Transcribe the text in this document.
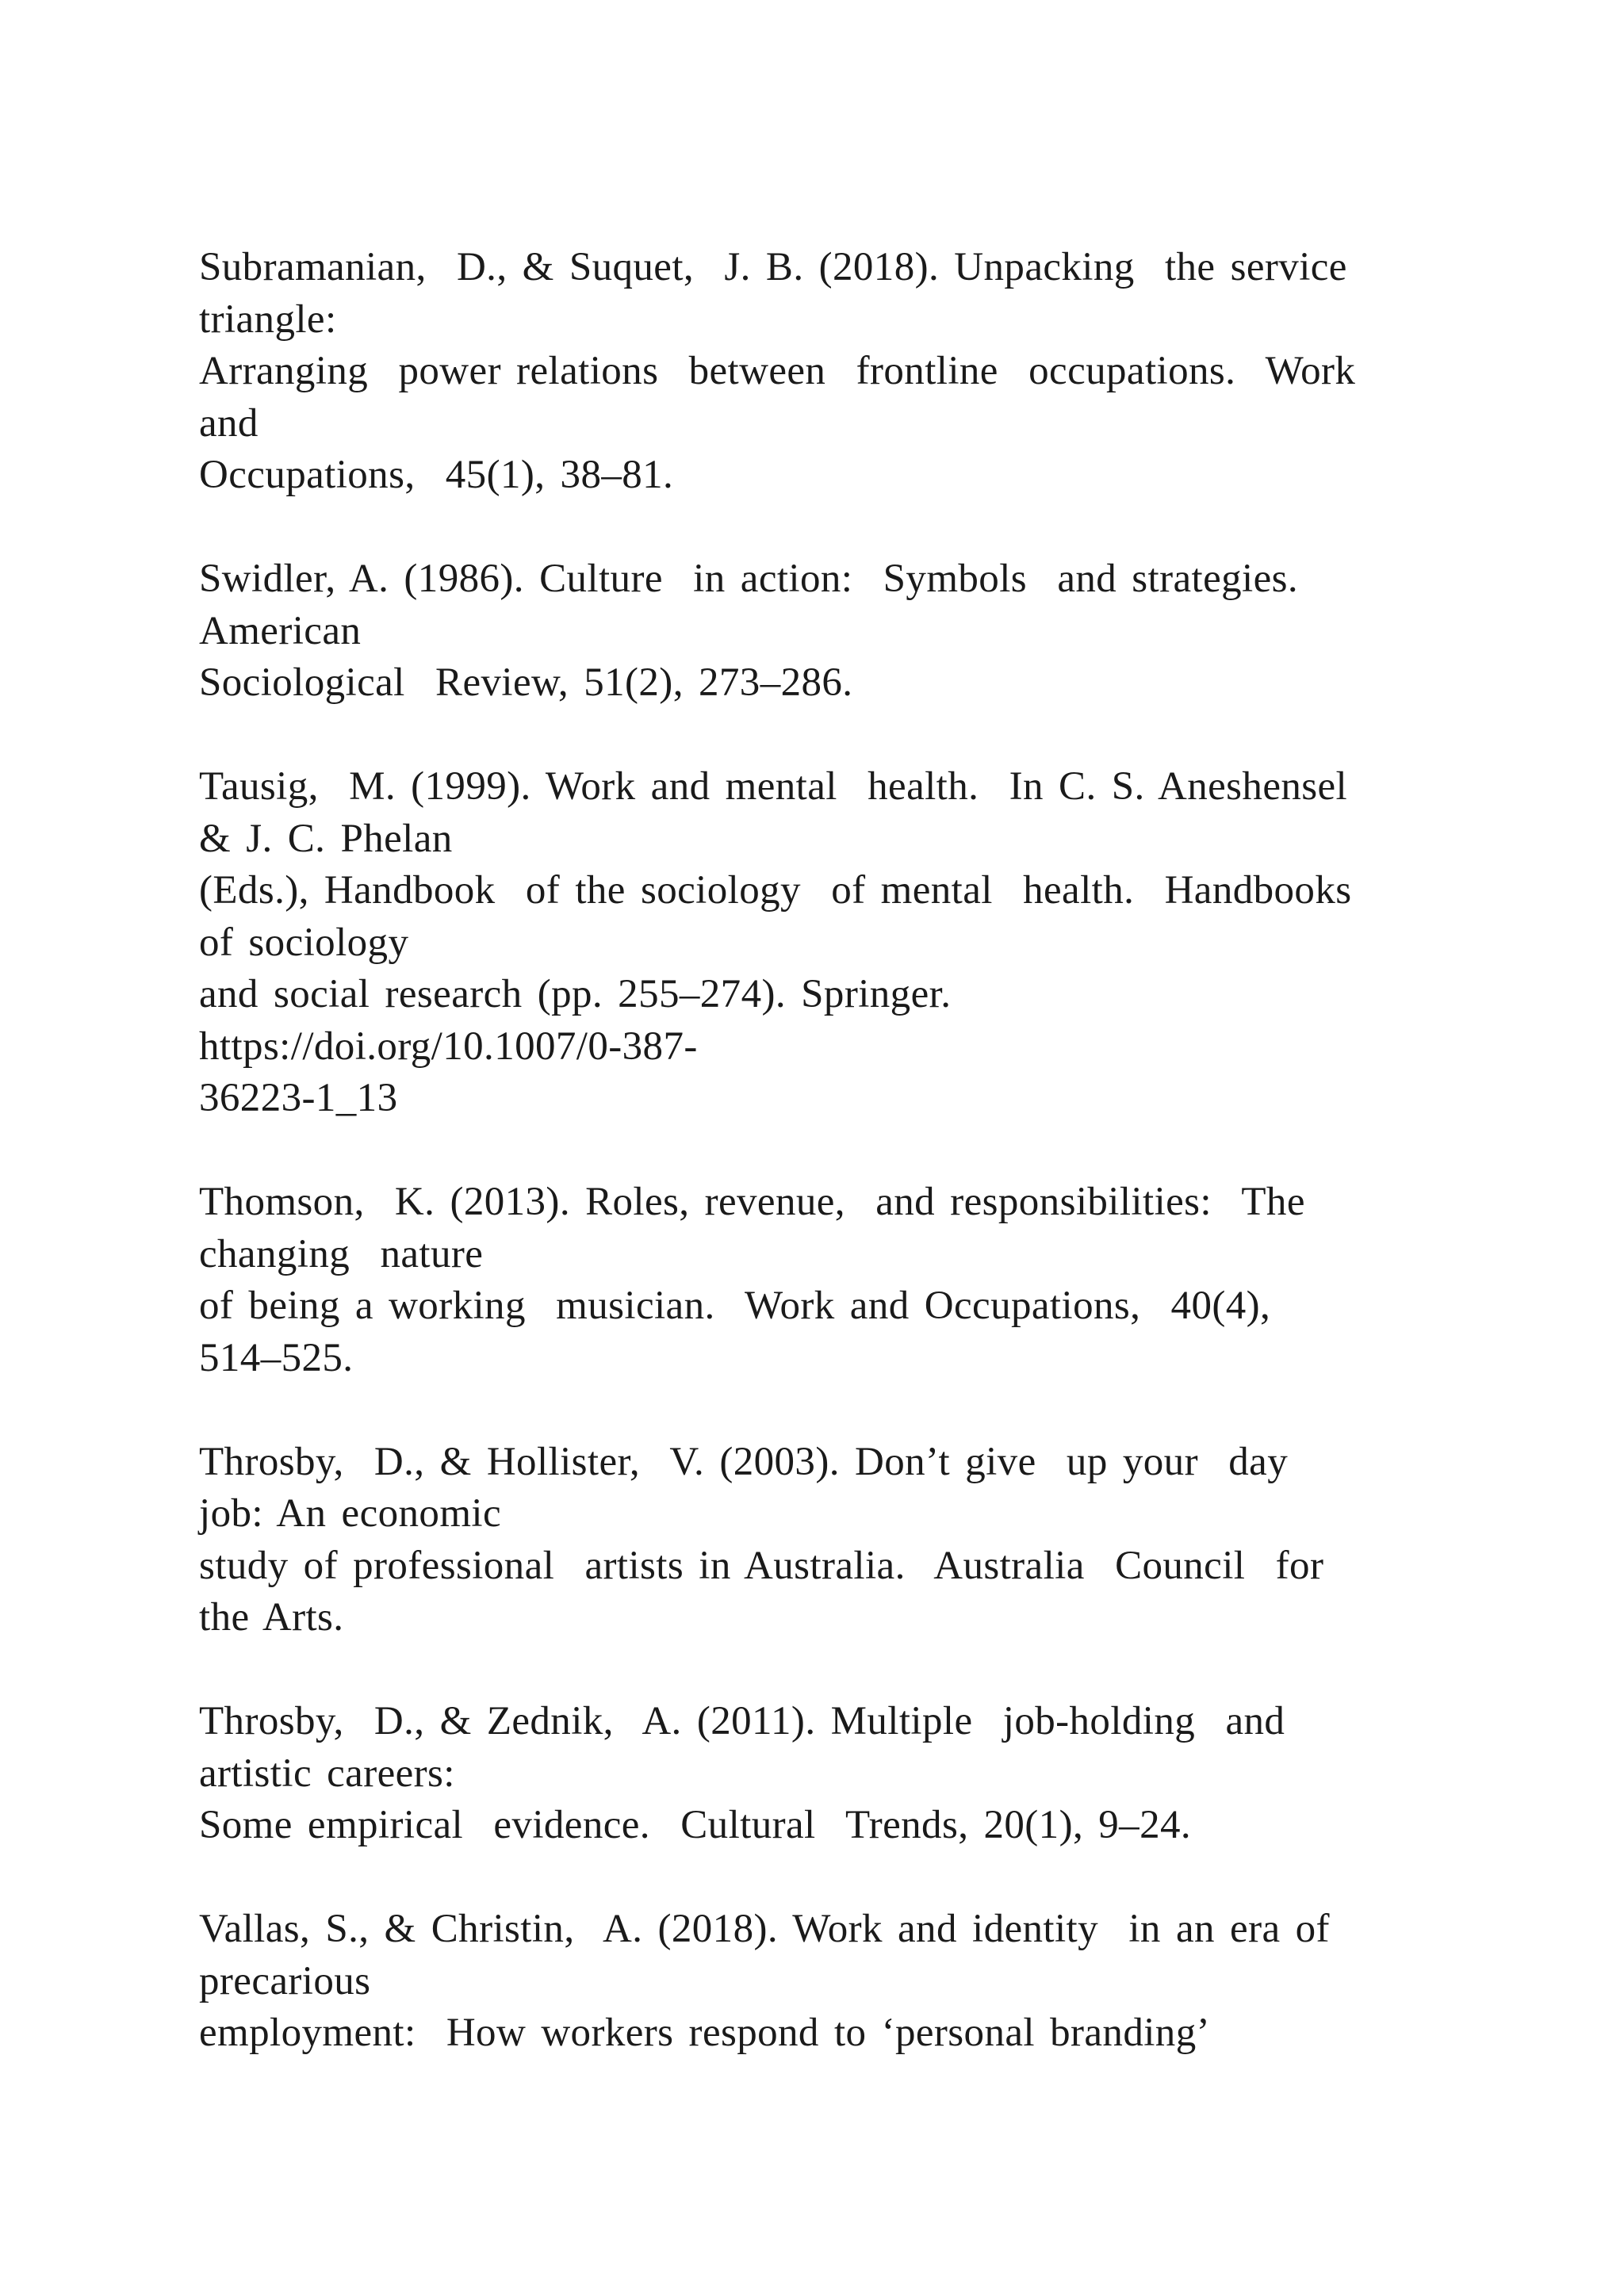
Subramanian,  D., & Suquet,  J. B. (2018). Unpacking  the service
triangle:
Arranging  power relations  between  frontline  occupations.  Work
and
Occupations,  45(1), 38–81.
Swidler, A. (1986). Culture  in action:  Symbols  and strategies.
American
Sociological  Review, 51(2), 273–286.
Tausig,  M. (1999). Work and mental  health.  In C. S. Aneshensel
& J. C. Phelan
(Eds.), Handbook  of the sociology  of mental  health.  Handbooks
of sociology
and social research (pp. 255–274). Springer.
https://doi.org/10.1007/0-387-
36223-1_13
Thomson,  K. (2013). Roles, revenue,  and responsibilities:  The
changing  nature
of being a working  musician.  Work and Occupations,  40(4),
514–525.
Throsby,  D., & Hollister,  V. (2003). Don’t give  up your  day
job: An economic
study of professional  artists in Australia.  Australia  Council  for
the Arts.
Throsby,  D., & Zednik,  A. (2011). Multiple  job-holding  and
artistic careers:
Some empirical  evidence.  Cultural  Trends, 20(1), 9–24.
Vallas, S., & Christin,  A. (2018). Work and identity  in an era of
precarious
employment:  How workers respond to ‘personal branding’
